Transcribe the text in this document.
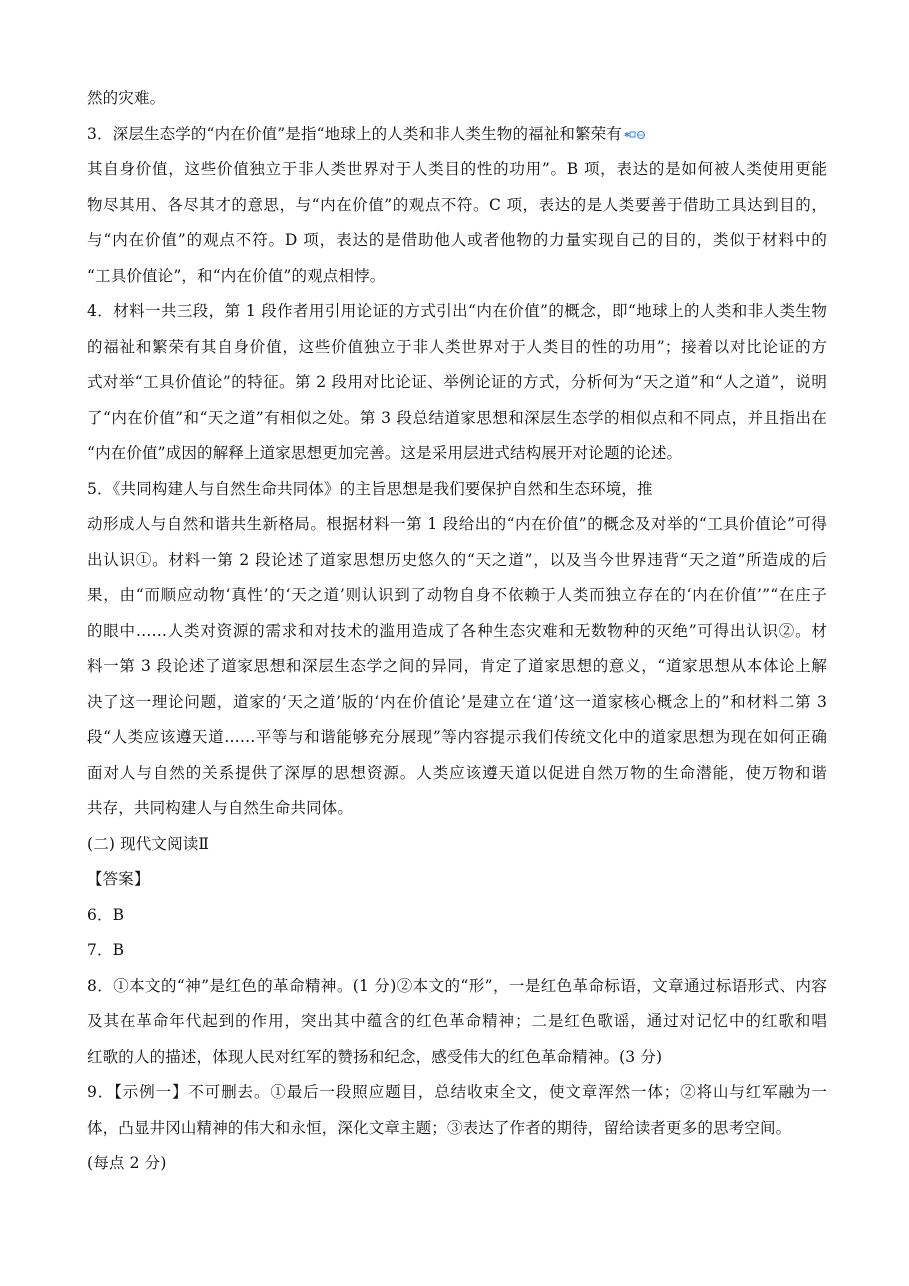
然的灾难。
3．深层生态学的“内在价值”是指“地球上的人类和非人类生物的福祉和繁荣有 ✱
其自身价值，这些价值独立于非人类世界对于人类目的性的功用”。B 项，表达的是如何被人类使用更能
物尽其用、各尽其才的意思，与“内在价值”的观点不符。C 项，表达的是人类要善于借助工具达到目的，
与“内在价值”的观点不符。D 项，表达的是借助他人或者他物的力量实现自己的目的，类似于材料中的
“工具价值论”，和“内在价值”的观点相悖。
4．材料一共三段，第 1 段作者用引用论证的方式引出“内在价值”的概念，即“地球上的人类和非人类生物
的福祉和繁荣有其自身价值，这些价值独立于非人类世界对于人类目的性的功用”；接着以对比论证的方
式对举“工具价值论”的特征。第 2 段用对比论证、举例论证的方式，分析何为“天之道”和“人之道”，说明
了“内在价值”和“天之道”有相似之处。第 3 段总结道家思想和深层生态学的相似点和不同点，并且指出在
“内在价值”成因的解释上道家思想更加完善。这是采用层进式结构展开对论题的论述。
5．《共同构建人与自然生命共同体》的主旨思想是我们要保护自然和生态环境，推
动形成人与自然和谐共生新格局。根据材料一第 1 段给出的“内在价值”的概念及对举的“工具价值论”可得
出认识①。材料一第 2 段论述了道家思想历史悠久的“天之道”，以及当今世界违背“天之道”所造成的后
果，由“而顺应动物‘真性’的‘天之道’则认识到了动物自身不依赖于人类而独立存在的‘内在价值’”“在庄子
的眼中……人类对资源的需求和对技术的滥用造成了各种生态灾难和无数物种的灭绝”可得出认识②。材
料一第 3 段论述了道家思想和深层生态学之间的异同，肯定了道家思想的意义，“道家思想从本体论上解
决了这一理论问题，道家的‘天之道’版的‘内在价值论’是建立在‘道’这一道家核心概念上的”和材料二第 3
段“人类应该遵天道……平等与和谐能够充分展现”等内容提示我们传统文化中的道家思想为现在如何正确
面对人与自然的关系提供了深厚的思想资源。人类应该遵天道以促进自然万物的生命潜能，使万物和谐
共存，共同构建人与自然生命共同体。
(二) 现代文阅读Ⅱ
【答案】
6．B
7．B
8．①本文的“神”是红色的革命精神。(1 分)②本文的“形”，一是红色革命标语，文章通过标语形式、内容
及其在革命年代起到的作用，突出其中蕴含的红色革命精神；二是红色歌谣，通过对记忆中的红歌和唱
红歌的人的描述，体现人民对红军的赞扬和纪念，感受伟大的红色革命精神。(3 分)
9．【示例一】不可删去。①最后一段照应题目，总结收束全文，使文章浑然一体；②将山与红军融为一
体，凸显井冈山精神的伟大和永恒，深化文章主题；③表达了作者的期待，留给读者更多的思考空间。
(每点 2 分)
